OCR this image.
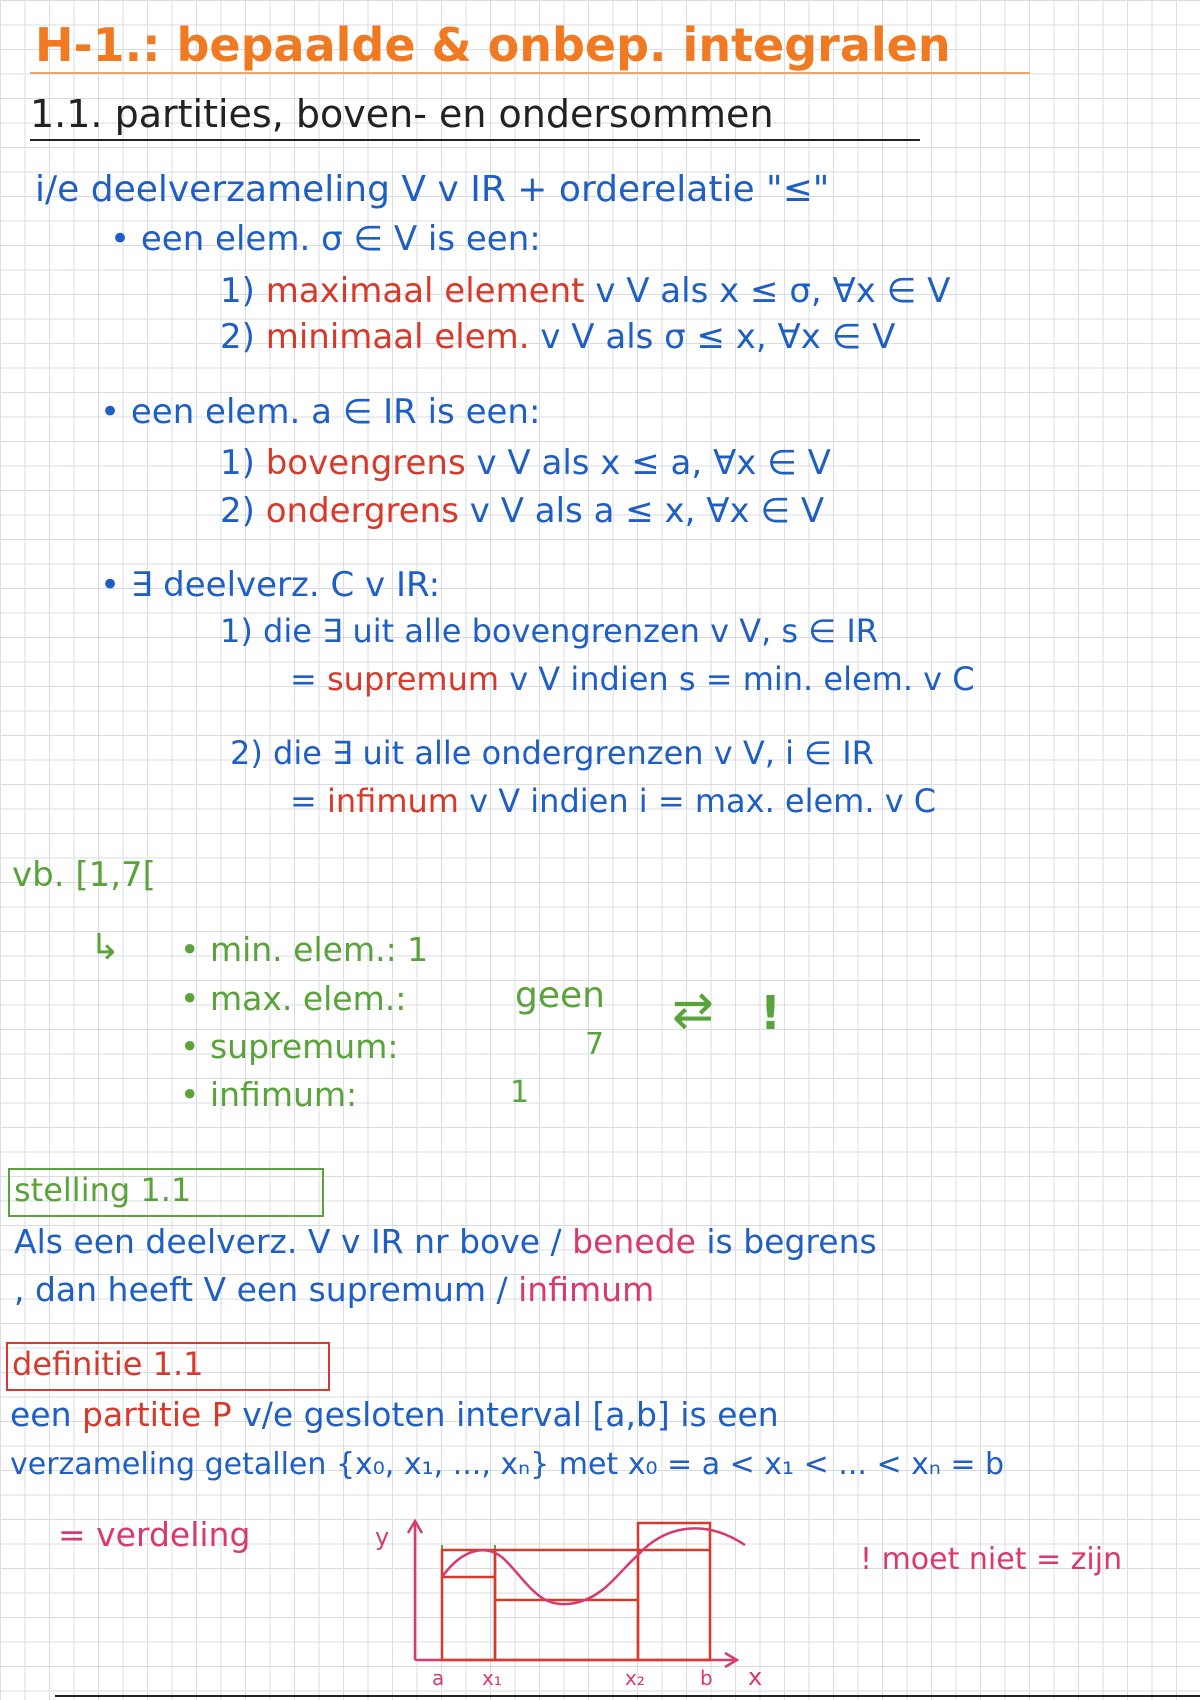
H-1.: bepaalde & onbep. integralen
1.1. partities, boven- en ondersommen
i/e deelverzameling V v IR + orderelatie "≤"
• een elem. σ ∈ V is een:
1) maximaal element v V als x ≤ σ, ∀x ∈ V
2) minimaal elem. v V als σ ≤ x, ∀x ∈ V
• een elem. a ∈ IR is een:
1) bovengrens v V als x ≤ a, ∀x ∈ V
2) ondergrens v V als a ≤ x, ∀x ∈ V
• ∃ deelverz. C v IR:
1) die ∃ uit alle bovengrenzen v V, s ∈ IR
= supremum v V indien s = min. elem. v C
2) die ∃ uit alle ondergrenzen v V, i ∈ IR
= infimum v V indien i = max. elem. v C
vb. [1,7[
↳ • min. elem.: 1
• max. elem.:	geen
• supremum:	7
• infimum:	1
⇄ !
stelling 1.1
Als een deelverz. V v IR nr bove / benede is begrens
, dan heeft V een supremum / infimum
definitie 1.1
een partitie P v/e gesloten interval [a,b] is een
verzameling getallen {x₀, x₁, ..., xₙ} met x₀ = a < x₁ < ... < xₙ = b
= verdeling	y
x
a x₁	x₂	b
! moet niet = zijn
